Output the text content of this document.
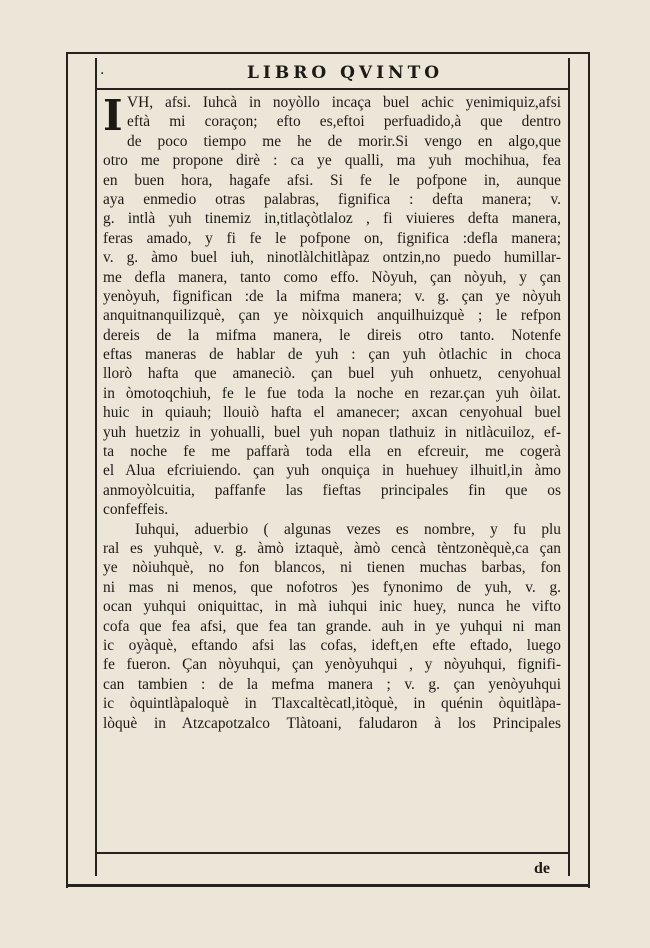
·	LIBRO QVINTO
I VH, afsi. Iuhcà in noyòllo incaça buel achic yenimiquiz,afsi
eftà mi coraçon; efto es,eftoi perfuadido,à que dentro
de poco tiempo me he de morir.Si vengo en algo,que
otro me propone dirè : ca ye qualli, ma yuh mochihua, fea
en buen hora, hagafe afsi. Si fe le pofpone in, aunque
aya enmedio otras palabras, fignifica : defta manera; v.
g. intlà yuh tinemiz in,titlaçòtlaloz , fi viuieres defta manera,
feras amado, y fi fe le pofpone on, fignifica :defla manera;
v. g. àmo buel iuh, ninotlàlchitlàpaz ontzin,no puedo humillar-
me defla manera, tanto como effo. Nòyuh, çan nòyuh, y çan
yenòyuh, fignifican :de la mifma manera; v. g. çan ye nòyuh
anquitnanquilizquè, çan ye nòixquich anquilhuizquè ; le refpon
dereis de la mifma manera, le direis otro tanto. Notenfe
eftas maneras de hablar de yuh : çan yuh òtlachic in choca
llorò hafta que amaneciò. çan buel yuh onhuetz, cenyohual
in òmotoqchiuh, fe le fue toda la noche en rezar.çan yuh òilat.
huic in quiauh; llouiò hafta el amanecer; axcan cenyohual buel
yuh huetziz in yohualli, buel yuh nopan tlathuiz in nitlàcuiloz, ef-
ta noche fe me paffarà toda ella en efcreuir, me cogerà
el Alua efcriuiendo. çan yuh onquiça in huehuey ilhuitl,in àmo
anmoyòlcuitia, paffanfe las fieftas principales fin que os
confeffeis.
Iuhqui, aduerbio ( algunas vezes es nombre, y fu plu
ral es yuhquè, v. g. àmò iztaquè, àmò cencà tèntzonèquè,ca çan
ye nòiuhquè, no fon blancos, ni tienen muchas barbas, fon
ni mas ni menos, que nofotros )es fynonimo de yuh, v. g.
ocan yuhqui oniquittac, in mà iuhqui inic huey, nunca he vifto
cofa que fea afsi, que fea tan grande. auh in ye yuhqui ni man
ic oyàquè, eftando afsi las cofas, ideft,en efte eftado, luego
fe fueron. Çan nòyuhqui, çan yenòyuhqui , y nòyuhqui, fignifi-
can tambien : de la mefma manera ; v. g. çan yenòyuhqui
ic òquintlàpaloquè in Tlaxcaltècatl,itòquè, in quénin òquitlàpa-
lòquè in Atzcapotzalco Tlàtoani, faludaron à los Principales
de
